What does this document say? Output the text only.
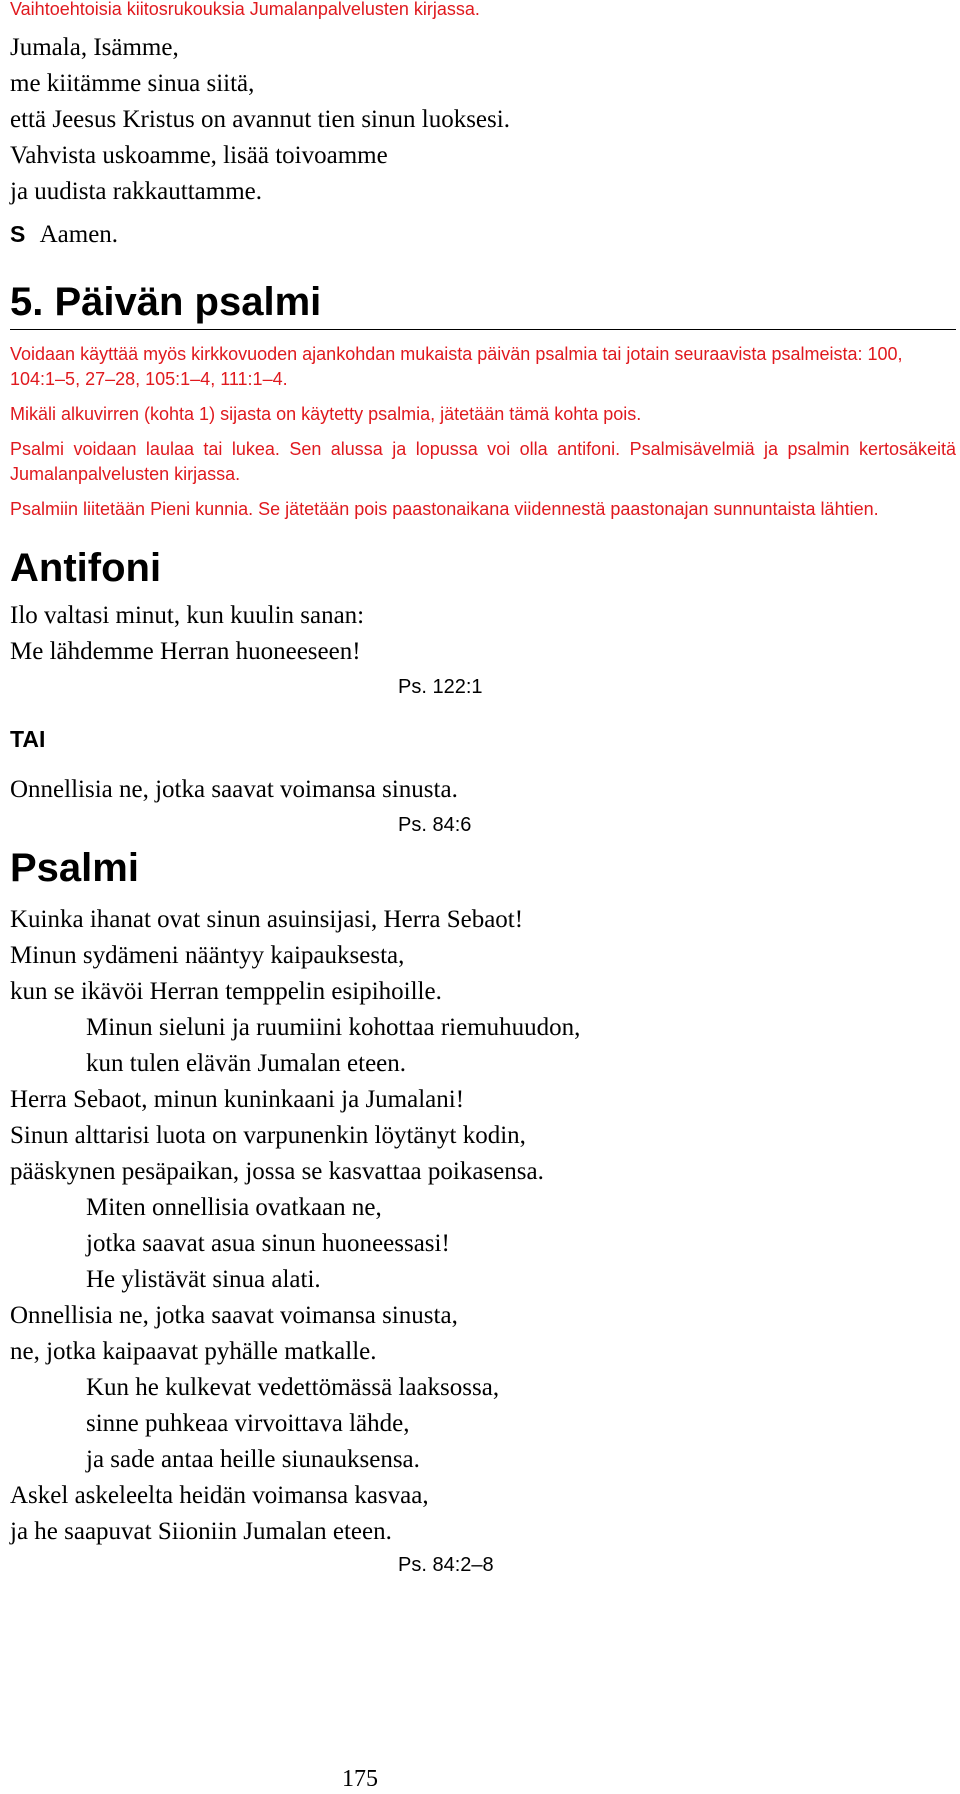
Vaihtoehtoisia kiitosrukouksia Jumalanpalvelusten kirjassa.

Jumala, Isämme,

me kiitämme sinua siitä,

että Jeesus Kristus on avannut tien sinun luoksesi.

Vahvista uskoamme, lisää toivoamme

ja uudista rakkauttamme.

S Aamen.

5. Päivän psalmi

Voidaan käyttää myös kirkkovuoden ajankohdan mukaista päivän psalmia tai jotain seuraavista psalmeista: 100, 104:1–5, 27–28, 105:1–4, 111:1–4.

Mikäli alkuvirren (kohta 1) sijasta on käytetty psalmia, jätetään tämä kohta pois.

Psalmi voidaan laulaa tai lukea. Sen alussa ja lopussa voi olla antifoni. Psalmisävelmiä ja psalmin kertosäkeitä Jumalanpalvelusten kirjassa.

Psalmiin liitetään Pieni kunnia. Se jätetään pois paastonaikana viidennestä paastonajan sunnuntaista lähtien.

Antifoni

Ilo valtasi minut, kun kuulin sanan:

Me lähdemme Herran huoneeseen!

Ps. 122:1

TAI

Onnellisia ne, jotka saavat voimansa sinusta.

Ps. 84:6

Psalmi

Kuinka ihanat ovat sinun asuinsijasi, Herra Sebaot!

Minun sydämeni nääntyy kaipauksesta,

kun se ikävöi Herran temppelin esipihoille.

Minun sieluni ja ruumiini kohottaa riemuhuudon,

kun tulen elävän Jumalan eteen.

Herra Sebaot, minun kuninkaani ja Jumalani!

Sinun alttarisi luota on varpunenkin löytänyt kodin,

pääskynen pesäpaikan, jossa se kasvattaa poikasensa.

Miten onnellisia ovatkaan ne,

jotka saavat asua sinun huoneessasi!

He ylistävät sinua alati.

Onnellisia ne, jotka saavat voimansa sinusta,

ne, jotka kaipaavat pyhälle matkalle.

Kun he kulkevat vedettömässä laaksossa,

sinne puhkeaa virvoittava lähde,

ja sade antaa heille siunauksensa.

Askel askeleelta heidän voimansa kasvaa,

ja he saapuvat Siioniin Jumalan eteen.

Ps. 84:2–8

175
